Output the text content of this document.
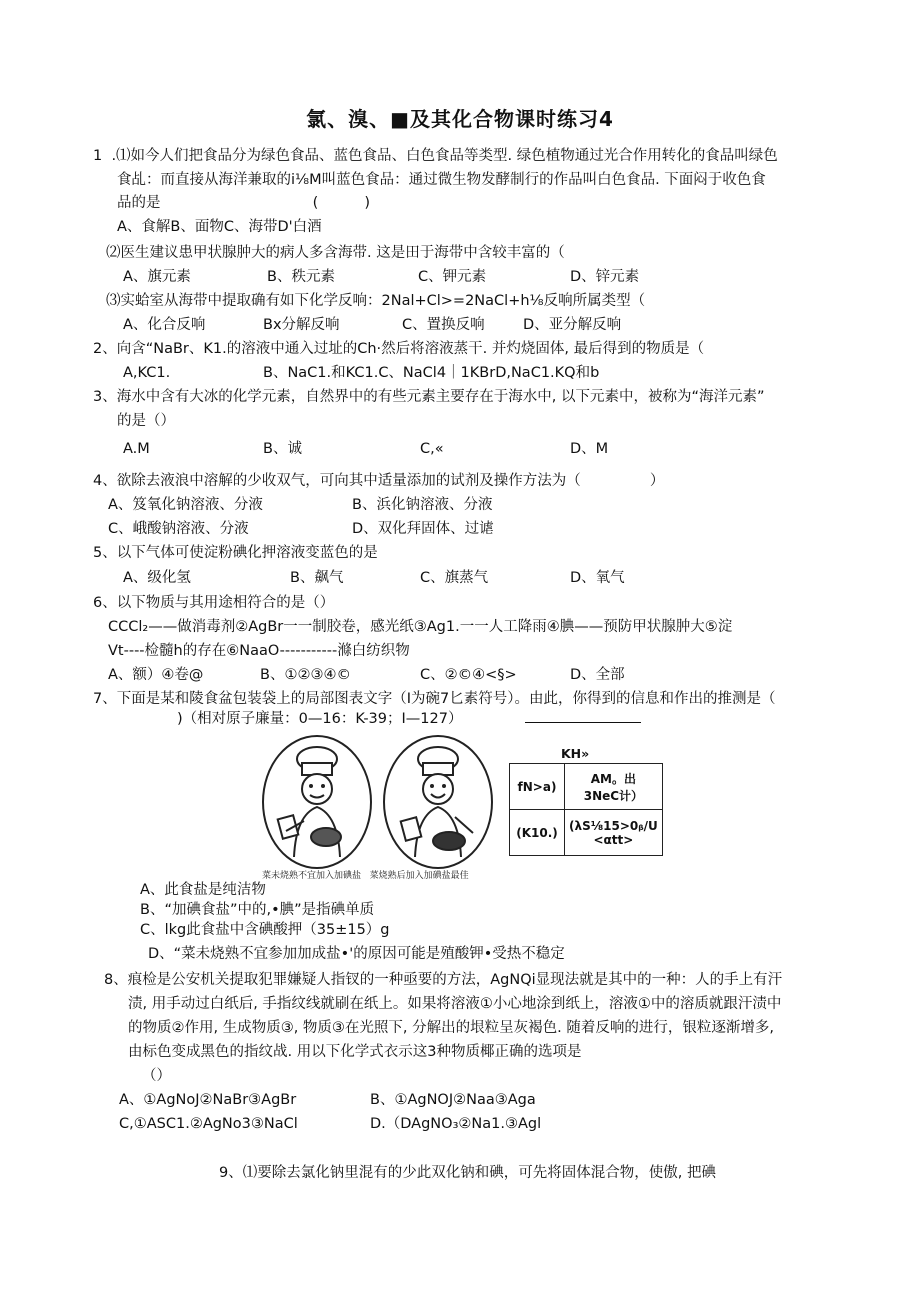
氯、溴、■及其化合物课时练习4
1  .⑴如今人们把食品分为绿色食品、蓝色食品、白色食品等类型. 绿色植物通过光合作用转化的食品叫绿色
食乩：而直接从海洋兼取的i⅛M叫蓝色食品：通过微生物发酵制行的作品叫白色食品. 下面闷于收色食
品的是                                 (          )
A、食解B、面物C、海带D'白酒
⑵医生建议患甲状腺肿大的病人多含海带. 这是田于海带中含较丰富的（
A、旗元素	B、秩元素	C、钾元素	D、锌元素
⑶实蛤室从海带中提取确有如下化学反响：2Nal+Cl>=2NaCl+h⅛反响所属类型（
A、化合反响	Bx分解反响	C、置换反响	D、亚分解反响
2、向含“NaBr、K1.的溶液中通入过址的Ch·然后将溶液蒸干. 并灼烧固体, 最后得到的物质是（
A,KC1.	B、NaC1.和KC1.C、NaCl4｜1KBrD,NaC1.KQ和b
3、海水中含有大冰的化学元素，自然界中的有些元素主要存在于海水中, 以下元素中，被称为“海洋元素”
的是（）
A.M	B、诚	C,«	D、M
4、欲除去液浪中溶解的少收双气，可向其中适量添加的试剂及操作方法为（               ）
A、笈氧化钠溶液、分液	B、浜化钠溶液、分液
C、峨酸钠溶液、分液	D、双化拜固体、过谑
5、以下气体可使淀粉碘化押溶液变蓝色的是
A、级化氢	B、飙气	C、旗蒸气	D、氧气
6、以下物质与其用途相符合的是（）
CCCl₂——做消毒剂②AgBr一一制胶卷，感光纸③Ag1.一一人工降雨④腆——预防甲状腺肿大⑤淀
Vt----检髓h的存在⑥NaaO-----------滌白纺织物
A、额）④卷@	B、①②③④©	C、②©④<§>	D、全部
7、下面是某和陵食盆包装袋上的局部图表文字（I为碗7匕素符号）。由此，你得到的信息和作出的推测是（
)（相对原子廉量：0—16：K-39；I—127）
菜未烧熟不宜加入加碘盐   菜烧熟后加入加碘盐最佳
KH»
fN>a)	AM。出
3NeC计）
(K10.)	(λS⅛15>0ᵦ/U
<αtt>
A、此食盐是纯洁物
B、“加碘食盐”中的,•腆”是指碘单质
C、lkg此食盐中含碘酸押（35±15）g
D、“菜未烧熟不宜参加加成盐•'的原因可能是殖酸钾•受热不稳定
8、痕检是公安机关提取犯罪嫌疑人指钗的一种亟要的方法，AgNQi显现法就是其中的一种：人的手上有汗
渍, 用手动过白纸后, 手指纹线就刷在纸上。如果将溶液①小心地涂到纸上，溶液①中的溶质就跟汗渍中
的物质②作用, 生成物质③, 物质③在光照下, 分解出的垠粒呈灰褐色. 随着反响的进行，银粒逐渐增多,
由标色变成黑色的指纹战. 用以下化学式衣示这3种物质椰正确的选项是
（）
A、①AgNoJ②NaBr③AgBr	B、①AgNOJ②Naa③Aga
C,①ASC1.②AgNo3③NaCl	D.（DAgNO₃②Na1.③Agl
9、⑴要除去氯化钠里混有的少此双化钠和碘，可先将固体混合物，使傲, 把碘
